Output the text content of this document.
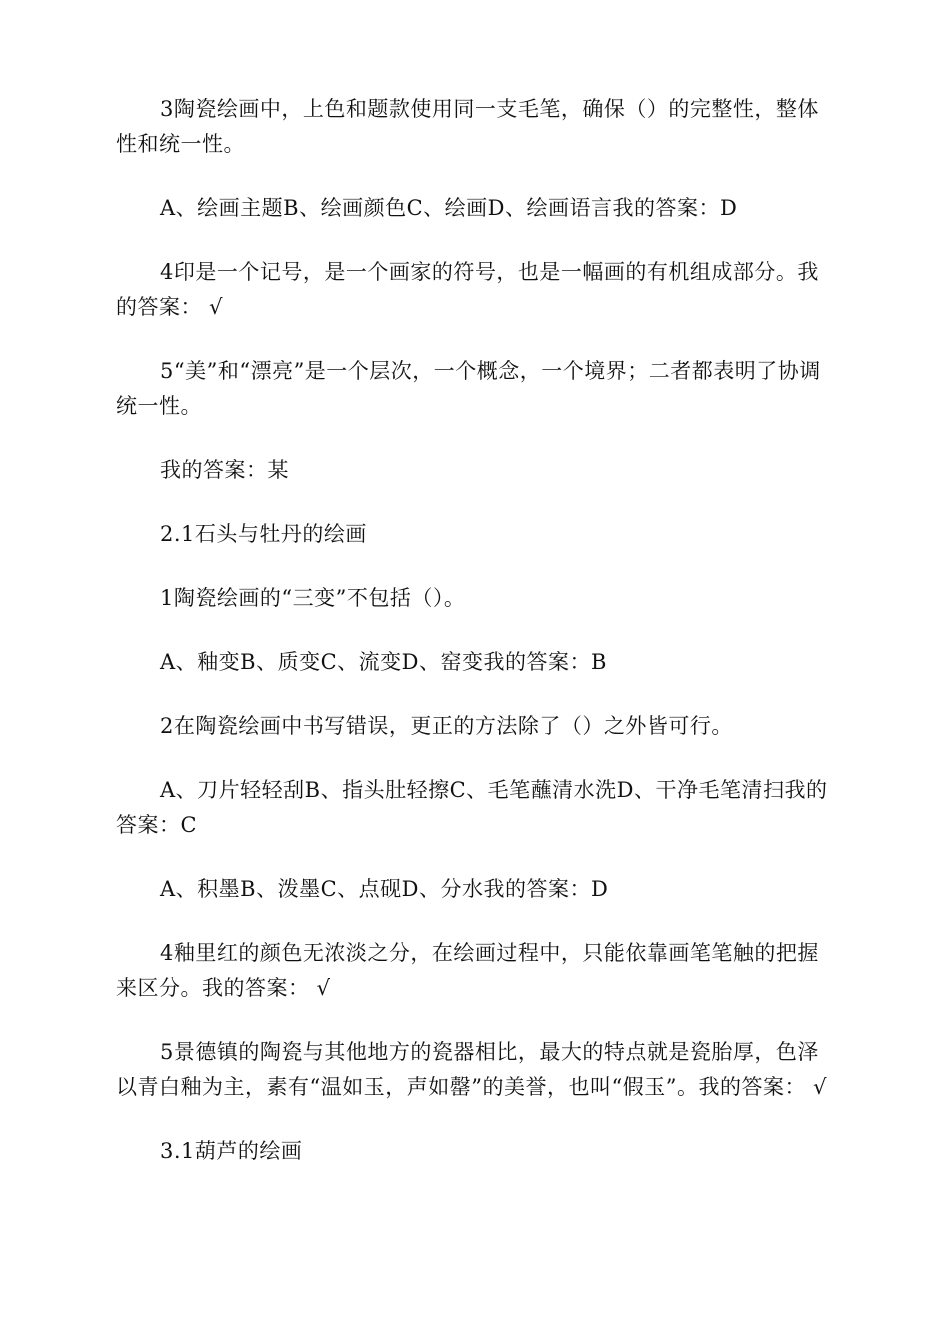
3陶瓷绘画中，上色和题款使用同一支毛笔，确保（）的完整性，整体性和统一性。

A、绘画主题B、绘画颜色C、绘画D、绘画语言我的答案：D

4印是一个记号，是一个画家的符号，也是一幅画的有机组成部分。我的答案： √

5“美”和“漂亮”是一个层次，一个概念，一个境界；二者都表明了协调统一性。

我的答案：某

2.1石头与牡丹的绘画

1陶瓷绘画的“三变”不包括（）。

A、釉变B、质变C、流变D、窑变我的答案：B

2在陶瓷绘画中书写错误，更正的方法除了（）之外皆可行。

A、刀片轻轻刮B、指头肚轻擦C、毛笔蘸清水洗D、干净毛笔清扫我的答案：C

A、积墨B、泼墨C、点砚D、分水我的答案：D

4釉里红的颜色无浓淡之分，在绘画过程中，只能依靠画笔笔触的把握来区分。我的答案： √

5景德镇的陶瓷与其他地方的瓷器相比，最大的特点就是瓷胎厚，色泽以青白釉为主，素有“温如玉，声如罄”的美誉，也叫“假玉”。我的答案： √

3.1葫芦的绘画
